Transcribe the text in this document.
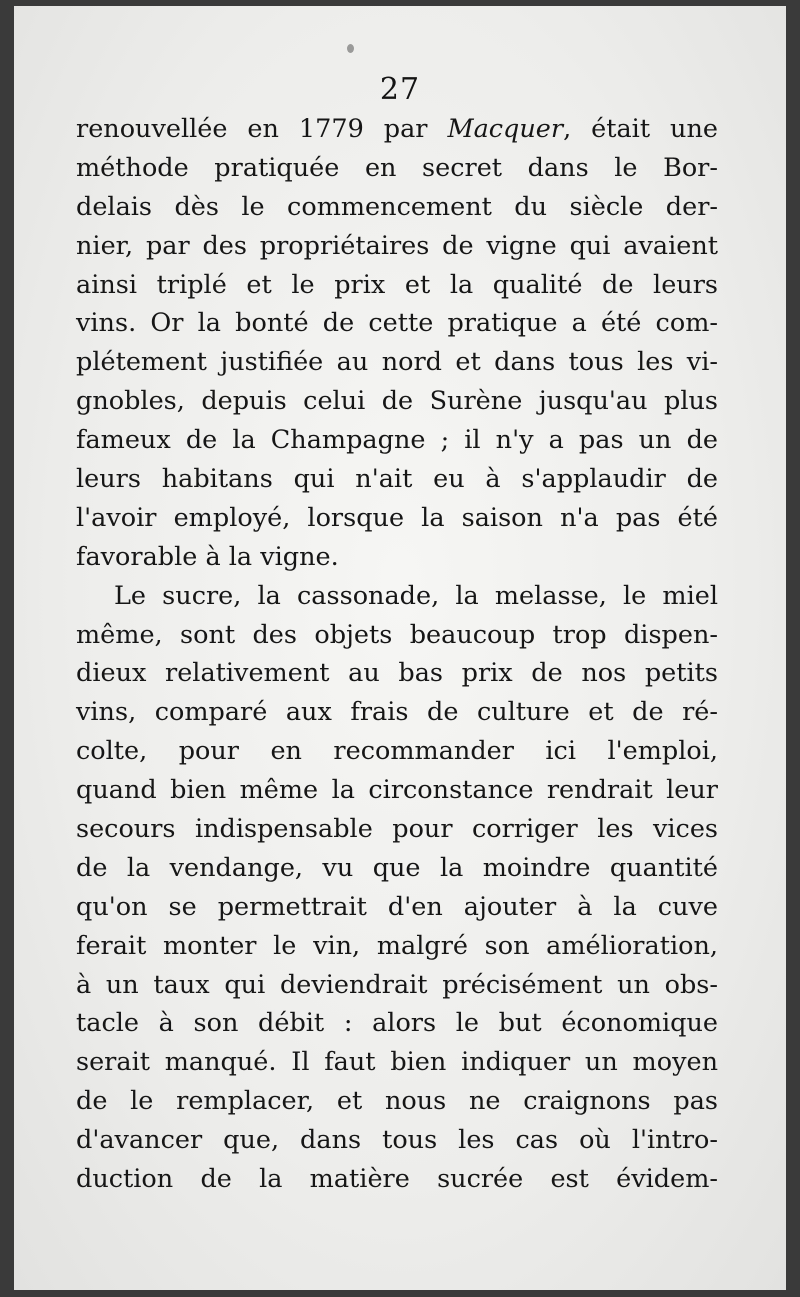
27
renouvellée en 1779 par Macquer, était une
méthode pratiquée en secret dans le Bor-
delais dès le commencement du siècle der-
nier, par des propriétaires de vigne qui avaient
ainsi triplé et le prix et la qualité de leurs
vins. Or la bonté de cette pratique a été com-
plétement justifiée au nord et dans tous les vi-
gnobles, depuis celui de Surène jusqu'au plus
fameux de la Champagne ; il n'y a pas un de
leurs habitans qui n'ait eu à s'applaudir de
l'avoir employé, lorsque la saison n'a pas été
favorable à la vigne.
Le sucre, la cassonade, la melasse, le miel
même, sont des objets beaucoup trop dispen-
dieux relativement au bas prix de nos petits
vins, comparé aux frais de culture et de ré-
colte, pour en recommander ici l'emploi,
quand bien même la circonstance rendrait leur
secours indispensable pour corriger les vices
de la vendange, vu que la moindre quantité
qu'on se permettrait d'en ajouter à la cuve
ferait monter le vin, malgré son amélioration,
à un taux qui deviendrait précisément un obs-
tacle à son débit : alors le but économique
serait manqué. Il faut bien indiquer un moyen
de le remplacer, et nous ne craignons pas
d'avancer que, dans tous les cas où l'intro-
duction de la matière sucrée est évidem-
